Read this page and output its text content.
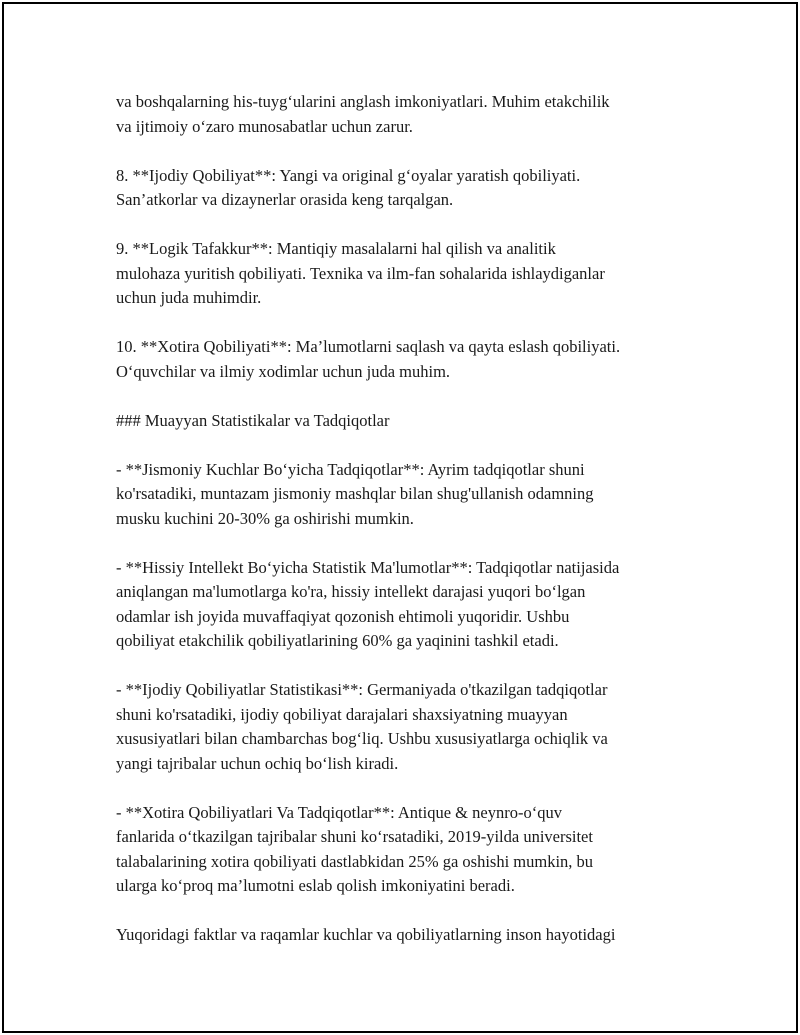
va boshqalarning his-tuyg‘ularini anglash imkoniyatlari. Muhim etakchilik
va ijtimoiy o‘zaro munosabatlar uchun zarur.

8. **Ijodiy Qobiliyat**: Yangi va original g‘oyalar yaratish qobiliyati.
San’atkorlar va dizaynerlar orasida keng tarqalgan.

9. **Logik Tafakkur**: Mantiqiy masalalarni hal qilish va analitik
mulohaza yuritish qobiliyati. Texnika va ilm-fan sohalarida ishlaydiganlar
uchun juda muhimdir.

10. **Xotira Qobiliyati**: Ma’lumotlarni saqlash va qayta eslash qobiliyati.
O‘quvchilar va ilmiy xodimlar uchun juda muhim.

### Muayyan Statistikalar va Tadqiqotlar

- **Jismoniy Kuchlar Bo‘yicha Tadqiqotlar**: Ayrim tadqiqotlar shuni
ko'rsatadiki, muntazam jismoniy mashqlar bilan shug'ullanish odamning
musku kuchini 20-30% ga oshirishi mumkin.

- **Hissiy Intellekt Bo‘yicha Statistik Ma'lumotlar**: Tadqiqotlar natijasida
aniqlangan ma'lumotlarga ko'ra, hissiy intellekt darajasi yuqori bo‘lgan
odamlar ish joyida muvaffaqiyat qozonish ehtimoli yuqoridir. Ushbu
qobiliyat etakchilik qobiliyatlarining 60% ga yaqinini tashkil etadi.

- **Ijodiy Qobiliyatlar Statistikasi**: Germaniyada o'tkazilgan tadqiqotlar
shuni ko'rsatadiki, ijodiy qobiliyat darajalari shaxsiyatning muayyan
xususiyatlari bilan chambarchas bog‘liq. Ushbu xususiyatlarga ochiqlik va
yangi tajribalar uchun ochiq bo‘lish kiradi.

- **Xotira Qobiliyatlari Va Tadqiqotlar**: Antique & neynro-o‘quv
fanlarida o‘tkazilgan tajribalar shuni ko‘rsatadiki, 2019-yilda universitet
talabalarining xotira qobiliyati dastlabkidan 25% ga oshishi mumkin, bu
ularga ko‘proq ma’lumotni eslab qolish imkoniyatini beradi.

Yuqoridagi faktlar va raqamlar kuchlar va qobiliyatlarning inson hayotidagi
